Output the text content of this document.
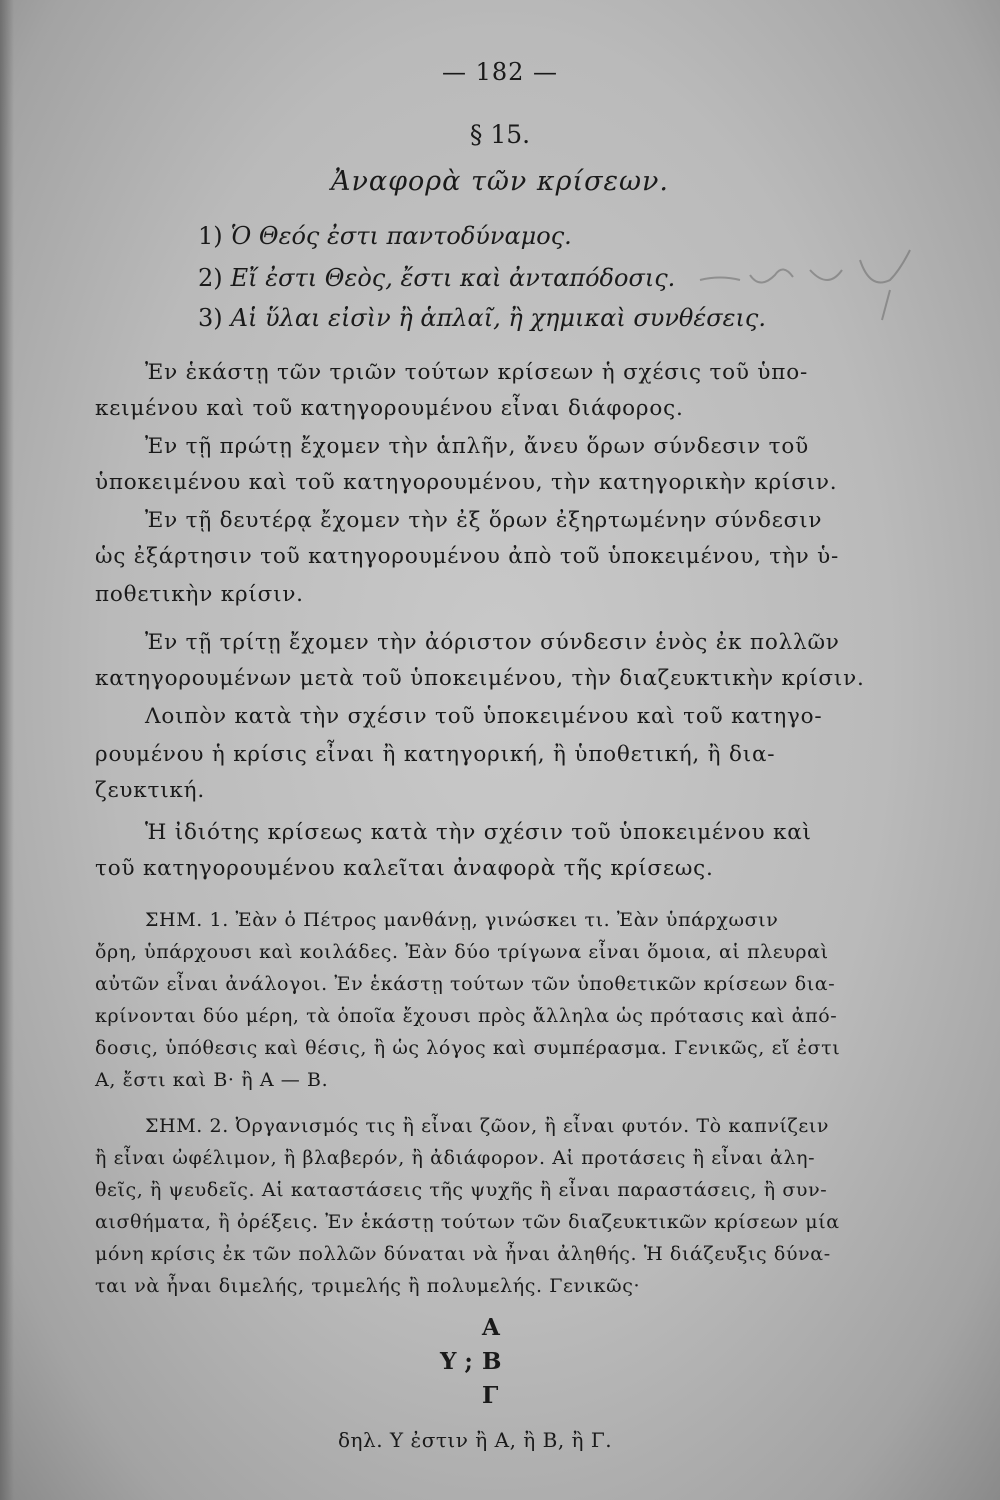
— 182 —
§ 15.
Ἀναφορὰ τῶν κρίσεων.
1) Ὁ Θεός ἐστι παντοδύναμος.
2) Εἴ ἐστι Θεὸς, ἔστι καὶ ἀνταπόδοσις.
3) Αἱ ὕλαι εἰσὶν ἢ ἁπλαῖ, ἢ χημικαὶ συνθέσεις.
Ἐν ἑκάστῃ τῶν τριῶν τούτων κρίσεων ἡ σχέσις τοῦ ὑπο-
κειμένου καὶ τοῦ κατηγορουμένου εἶναι διάφορος.
Ἐν τῇ πρώτῃ ἔχομεν τὴν ἁπλῆν, ἄνευ ὅρων σύνδεσιν τοῦ
ὑποκειμένου καὶ τοῦ κατηγορουμένου, τὴν κατηγορικὴν κρίσιν.
Ἐν τῇ δευτέρᾳ ἔχομεν τὴν ἐξ ὅρων ἐξηρτωμένην σύνδεσιν
ὡς ἐξάρτησιν τοῦ κατηγορουμένου ἀπὸ τοῦ ὑποκειμένου, τὴν ὑ-
ποθετικὴν κρίσιν.
Ἐν τῇ τρίτῃ ἔχομεν τὴν ἀόριστον σύνδεσιν ἑνὸς ἐκ πολλῶν
κατηγορουμένων μετὰ τοῦ ὑποκειμένου, τὴν διαζευκτικὴν κρίσιν.
Λοιπὸν κατὰ τὴν σχέσιν τοῦ ὑποκειμένου καὶ τοῦ κατηγο-
ρουμένου ἡ κρίσις εἶναι ἢ κατηγορική, ἢ ὑποθετική, ἢ δια-
ζευκτική.
Ἡ ἰδιότης κρίσεως κατὰ τὴν σχέσιν τοῦ ὑποκειμένου καὶ
τοῦ κατηγορουμένου καλεῖται ἀναφορὰ τῆς κρίσεως.
ΣΗΜ. 1. Ἐὰν ὁ Πέτρος μανθάνῃ, γινώσκει τι. Ἐὰν ὑπάρχωσιν
ὄρη, ὑπάρχουσι καὶ κοιλάδες. Ἐὰν δύο τρίγωνα εἶναι ὅμοια, αἱ πλευραὶ
αὐτῶν εἶναι ἀνάλογοι. Ἐν ἑκάστῃ τούτων τῶν ὑποθετικῶν κρίσεων δια-
κρίνονται δύο μέρη, τὰ ὁποῖα ἔχουσι πρὸς ἄλληλα ὡς πρότασις καὶ ἀπό-
δοσις, ὑπόθεσις καὶ θέσις, ἢ ὡς λόγος καὶ συμπέρασμα. Γενικῶς, εἴ ἐστι
Α, ἔστι καὶ Β· ἢ Α — Β.
ΣΗΜ. 2. Ὀργανισμός τις ἢ εἶναι ζῶον, ἢ εἶναι φυτόν. Τὸ καπνίζειν
ἢ εἶναι ὠφέλιμον, ἢ βλαβερόν, ἢ ἀδιάφορον. Αἱ προτάσεις ἢ εἶναι ἀλη-
θεῖς, ἢ ψευδεῖς. Αἱ καταστάσεις τῆς ψυχῆς ἢ εἶναι παραστάσεις, ἢ συν-
αισθήματα, ἢ ὀρέξεις. Ἐν ἑκάστῃ τούτων τῶν διαζευκτικῶν κρίσεων μία
μόνη κρίσις ἐκ τῶν πολλῶν δύναται νὰ ἦναι ἀληθής. Ἡ διάζευξις δύνα-
ται νὰ ἦναι διμελής, τριμελής ἢ πολυμελής. Γενικῶς·
Α
Υ ; Β
Γ
δηλ. Υ ἐστιν ἢ Α, ἢ Β, ἢ Γ.
